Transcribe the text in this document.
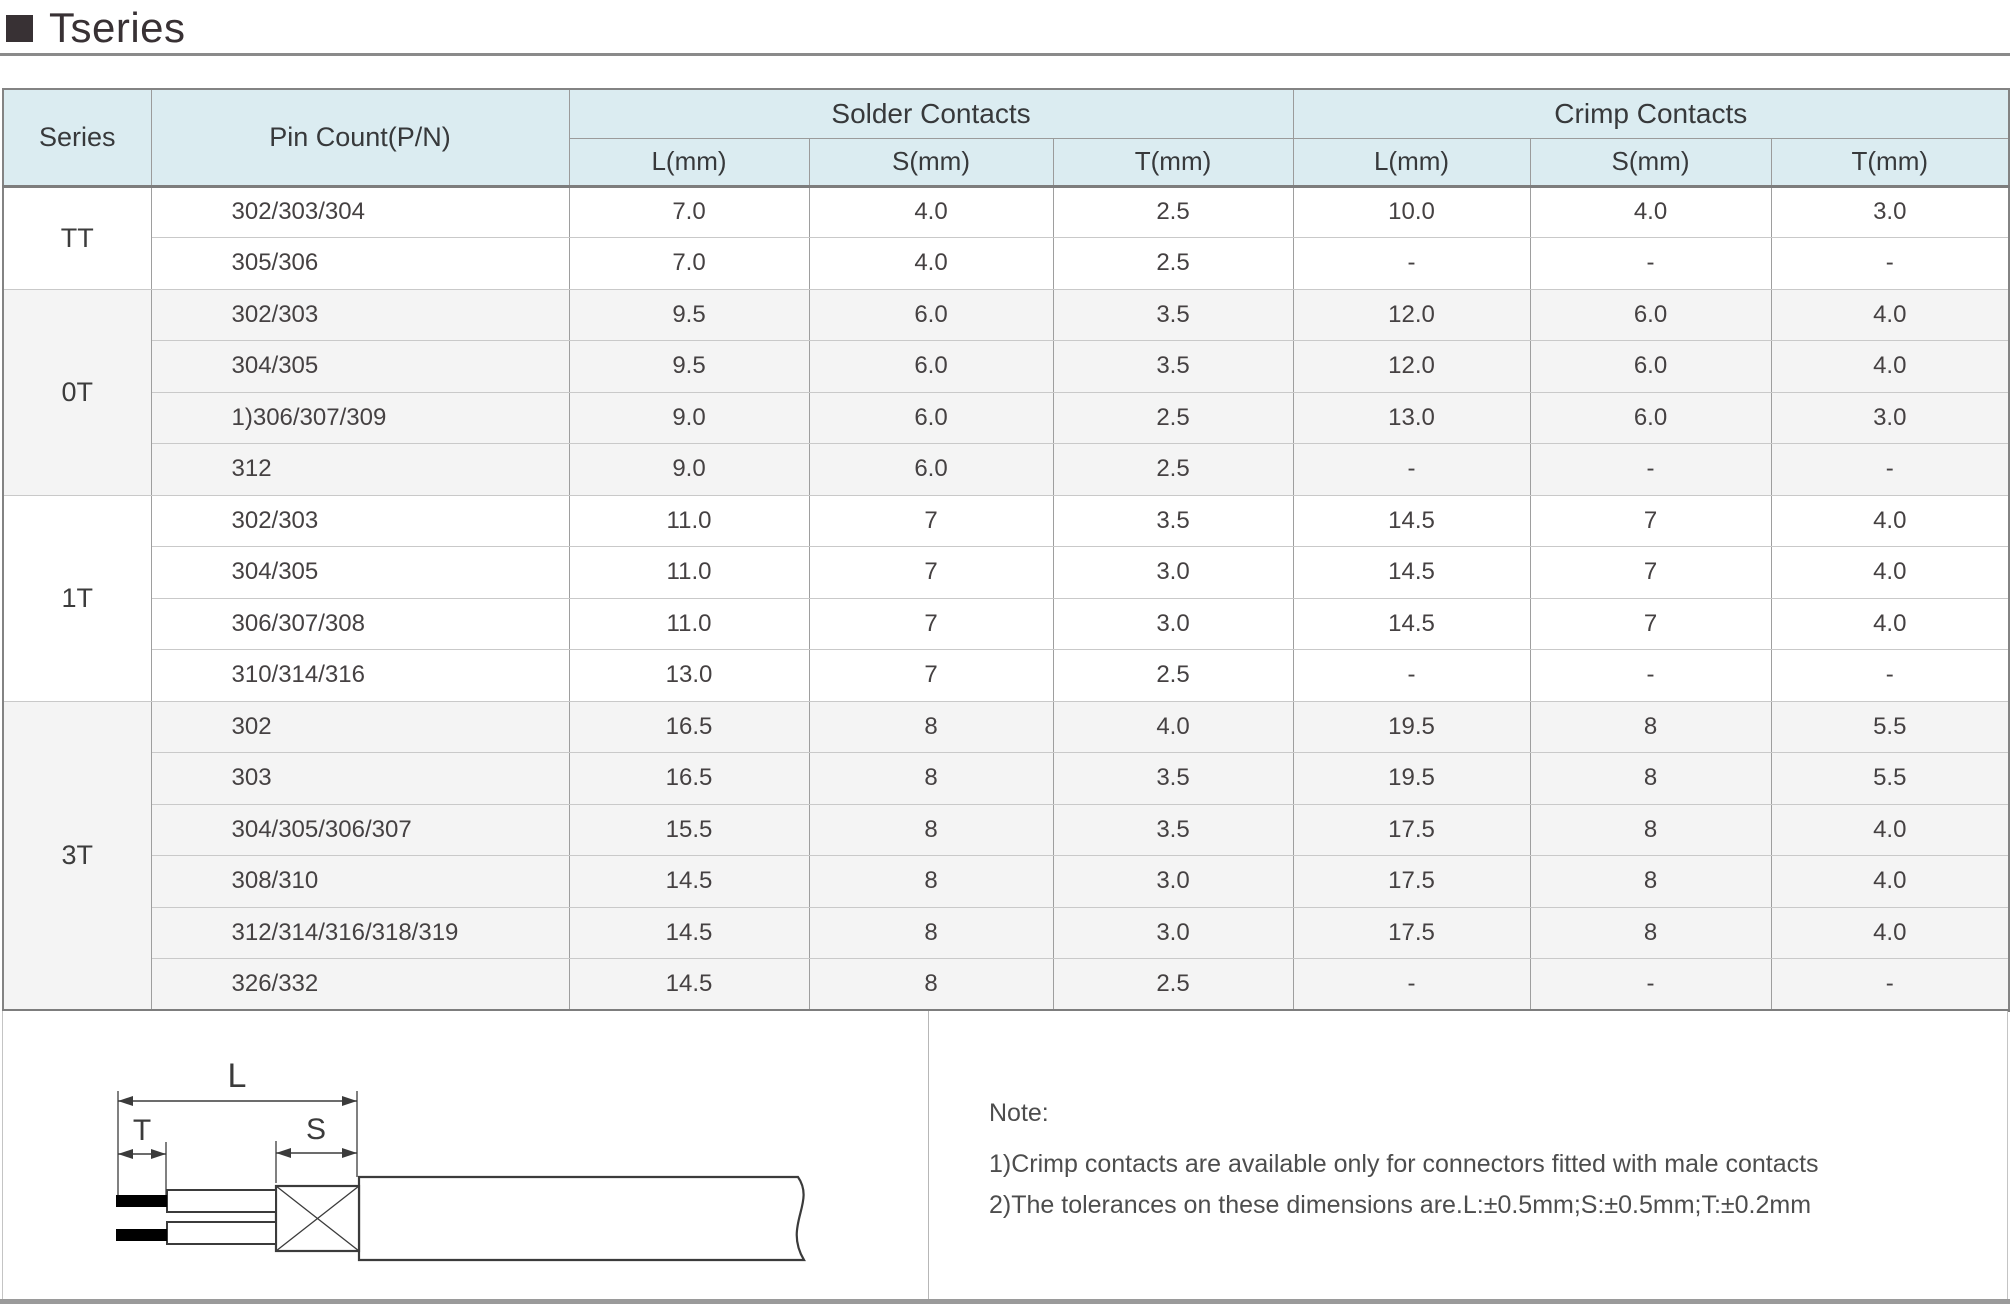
Tseries
Series	Pin Count(P/N)	Solder Contacts			Crimp Contacts		
		L(mm)	S(mm)	T(mm)	L(mm)	S(mm)	T(mm)
TT	302/303/304	7.0	4.0	2.5	10.0	4.0	3.0
	305/306	7.0	4.0	2.5	-	-	-
0T	302/303	9.5	6.0	3.5	12.0	6.0	4.0
	304/305	9.5	6.0	3.5	12.0	6.0	4.0
	1)306/307/309	9.0	6.0	2.5	13.0	6.0	3.0
	312	9.0	6.0	2.5	-	-	-
1T	302/303	11.0	7	3.5	14.5	7	4.0
	304/305	11.0	7	3.0	14.5	7	4.0
	306/307/308	11.0	7	3.0	14.5	7	4.0
	310/314/316	13.0	7	2.5	-	-	-
3T	302	16.5	8	4.0	19.5	8	5.5
	303	16.5	8	3.5	19.5	8	5.5
	304/305/306/307	15.5	8	3.5	17.5	8	4.0
	308/310	14.5	8	3.0	17.5	8	4.0
	312/314/316/318/319	14.5	8	3.0	17.5	8	4.0
	326/332	14.5	8	2.5	-	-	-
L
T	S	Note:
1)Crimp contacts are available only for connectors fitted with male contacts
2)The tolerances on these dimensions are.L:±0.5mm;S:±0.5mm;T:±0.2mm
